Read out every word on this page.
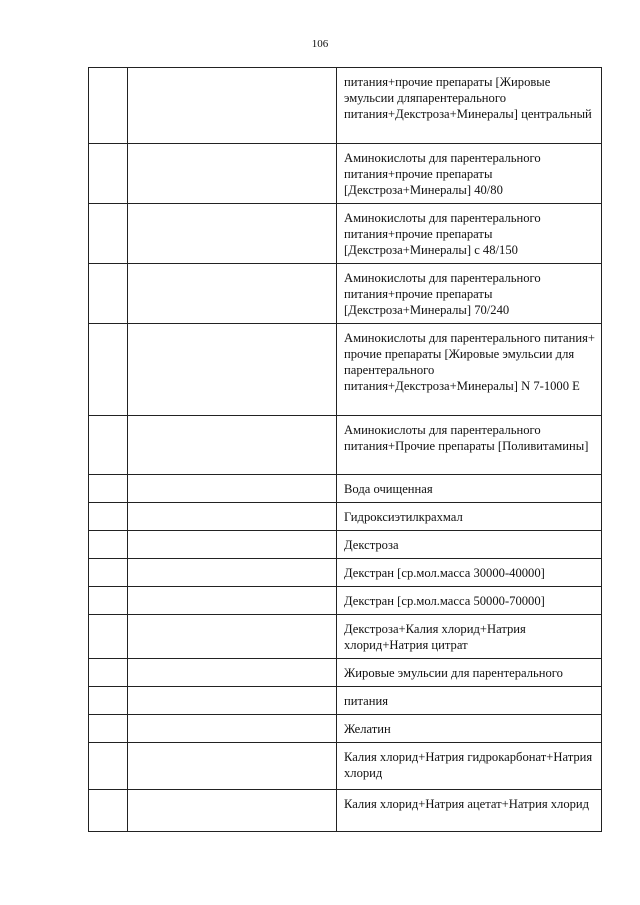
106
		питания+прочие препараты [Жировые эмульсии дляпарентерального питания+Декстроза+Минералы] центральный
		Аминокислоты для парентерального питания+прочие препараты [Декстроза+Минералы] 40/80
		Аминокислоты для парентерального питания+прочие препараты [Декстроза+Минералы] с 48/150
		Аминокислоты для парентерального питания+прочие препараты [Декстроза+Минералы] 70/240
		Аминокислоты для парентерального питания+ прочие препараты [Жировые эмульсии для парентерального питания+Декстроза+Минералы] N 7-1000 Е
		Аминокислоты для парентерального питания+Прочие препараты [Поливитамины]
		Вода очищенная
		Гидроксиэтилкрахмал
		Декстроза
		Декстран [ср.мол.масса 30000-40000]
		Декстран [ср.мол.масса 50000-70000]
		Декстроза+Калия хлорид+Натрия хлорид+Натрия цитрат
		Жировые эмульсии для парентерального
		питания
		Желатин
		Калия хлорид+Натрия гидрокарбонат+Натрия хлорид
		Калия хлорид+Натрия ацетат+Натрия хлорид
